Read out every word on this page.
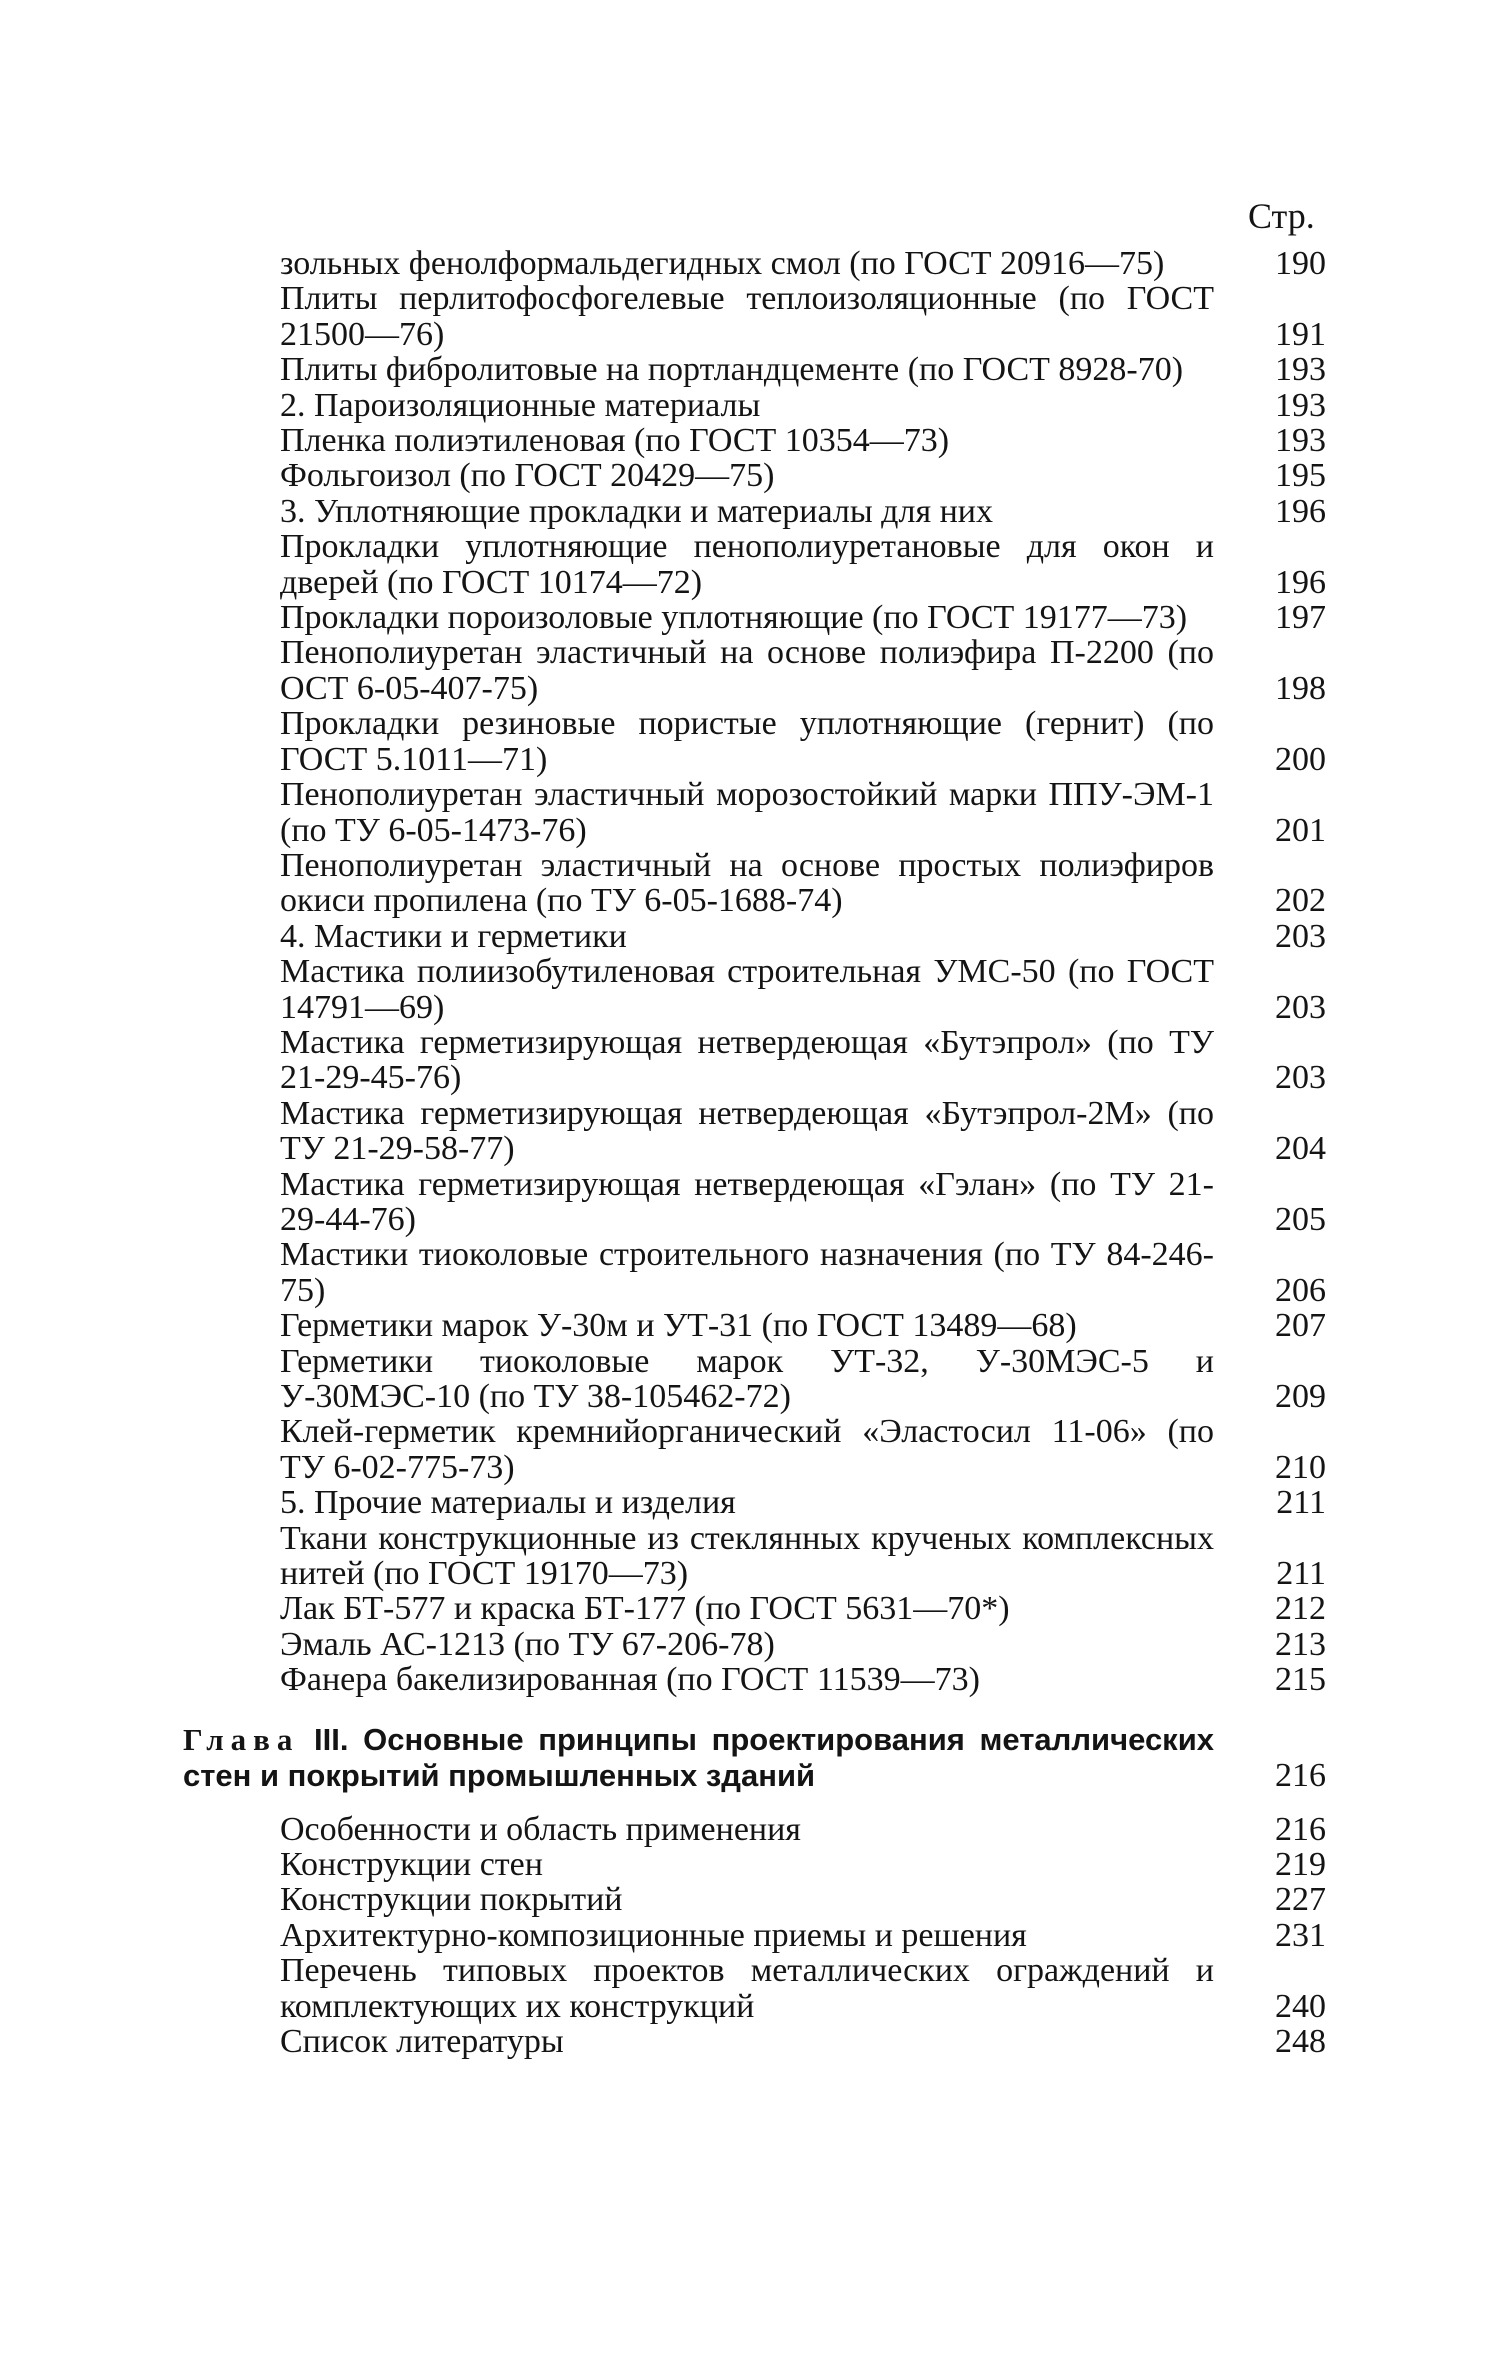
Стр.
зольных фенолформальдегидных смол (по ГОСТ 20916—75)	190
Плиты перлитофосфогелевые теплоизоляционные (по ГОСТ 21500—76)	191
Плиты фибролитовые на портландцементе (по ГОСТ 8928-70)	193
2. Пароизоляционные материалы	193
Пленка полиэтиленовая (по ГОСТ 10354—73)	193
Фольгоизол (по ГОСТ 20429—75)	195
3. Уплотняющие прокладки и материалы для них	196
Прокладки уплотняющие пенополиуретановые для окон и дверей (по ГОСТ 10174—72)	196
Прокладки пороизоловые уплотняющие (по ГОСТ 19177—73)	197
Пенополиуретан эластичный на основе полиэфира П-2200 (по ОСТ 6-05-407-75)	198
Прокладки резиновые пористые уплотняющие (гернит) (по ГОСТ 5.1011—71)	200
Пенополиуретан эластичный морозостойкий марки ППУ-ЭМ-1 (по ТУ 6-05-1473-76)	201
Пенополиуретан эластичный на основе простых полиэфиров окиси пропилена (по ТУ 6-05-1688-74)	202
4. Мастики и герметики	203
Мастика полиизобутиленовая строительная УМС-50 (по ГОСТ 14791—69)	203
Мастика герметизирующая нетвердеющая «Бутэпрол» (по ТУ 21-29-45-76)	203
Мастика герметизирующая нетвердеющая «Бутэпрол-2М» (по ТУ 21-29-58-77)	204
Мастика герметизирующая нетвердеющая «Гэлан» (по ТУ 21-29-44-76)	205
Мастики тиоколовые строительного назначения (по ТУ 84-246-75)	206
Герметики марок У-30м и УТ-31 (по ГОСТ 13489—68)	207
Герметики тиоколовые марок УТ-32, У-30МЭС-5 и У-30МЭС-10 (по ТУ 38-105462-72)	209
Клей-герметик кремнийорганический «Эластосил 11-06» (по ТУ 6-02-775-73)	210
5. Прочие материалы и изделия	211
Ткани конструкционные из стеклянных крученых комплексных нитей (по ГОСТ 19170—73)	211
Лак БТ-577 и краска БТ-177 (по ГОСТ 5631—70*)	212
Эмаль АС-1213 (по ТУ 67-206-78)	213
Фанера бакелизированная (по ГОСТ 11539—73)	215
Глава III. Основные принципы проектирования металлических стен и покрытий промышленных зданий	216
Особенности и область применения	216
Конструкции стен	219
Конструкции покрытий	227
Архитектурно-композиционные приемы и решения	231
Перечень типовых проектов металлических ограждений и комплектующих их конструкций	240
Список литературы	248
